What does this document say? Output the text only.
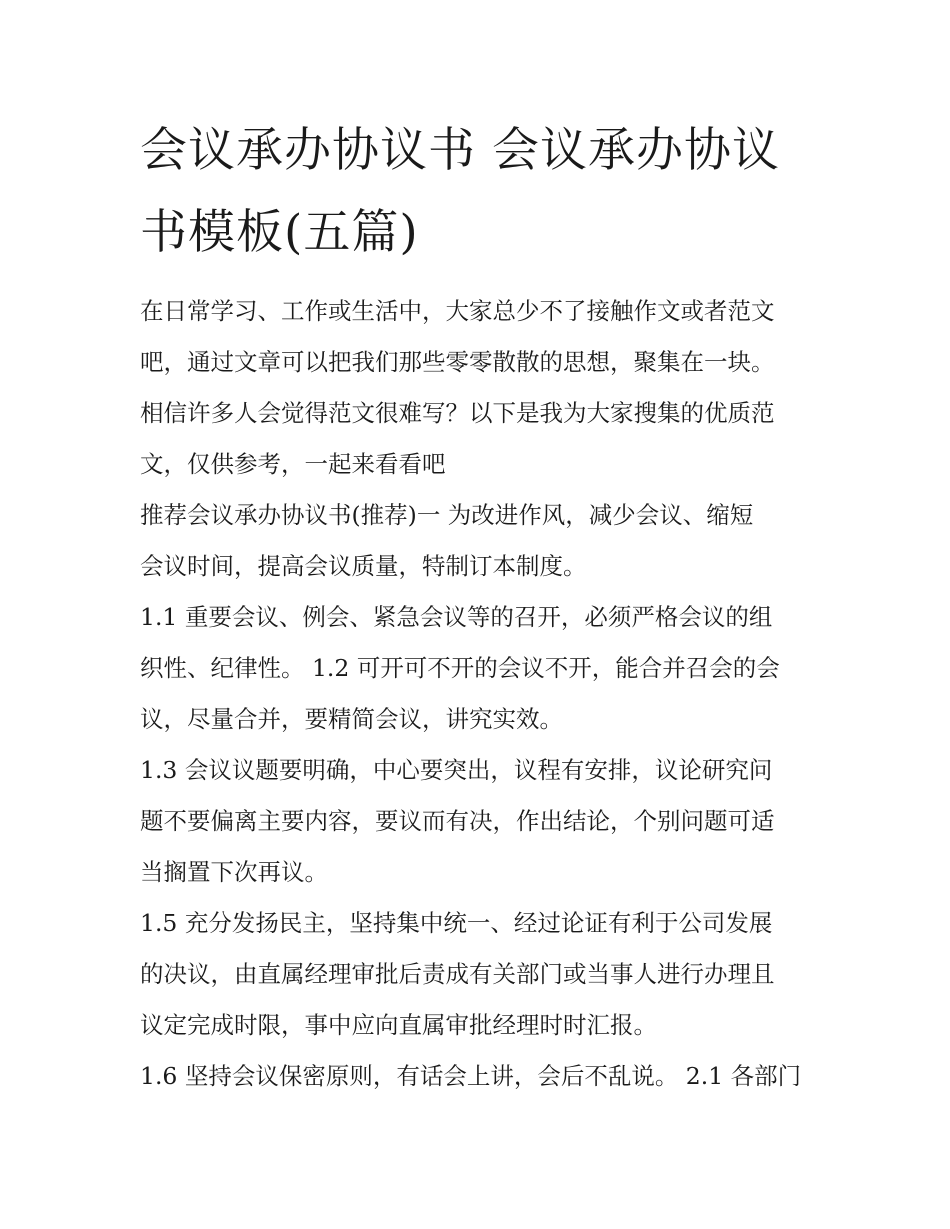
会议承办协议书 会议承办协议
书模板(五篇)

在日常学习、工作或生活中，大家总少不了接触作文或者范文
吧，通过文章可以把我们那些零零散散的思想，聚集在一块。
相信许多人会觉得范文很难写？以下是我为大家搜集的优质范
文，仅供参考，一起来看看吧

推荐会议承办协议书(推荐)一 为改进作风，减少会议、缩短
会议时间，提高会议质量，特制订本制度。

1.1 重要会议、例会、紧急会议等的召开，必须严格会议的组
织性、纪律性。 1.2 可开可不开的会议不开，能合并召会的会
议，尽量合并，要精简会议，讲究实效。

1.3 会议议题要明确，中心要突出，议程有安排，议论研究问
题不要偏离主要内容，要议而有决，作出结论，个别问题可适
当搁置下次再议。

1.5 充分发扬民主，坚持集中统一、经过论证有利于公司发展
的决议，由直属经理审批后责成有关部门或当事人进行办理且
议定完成时限，事中应向直属审批经理时时汇报。

1.6 坚持会议保密原则，有话会上讲，会后不乱说。 2.1 各部门
